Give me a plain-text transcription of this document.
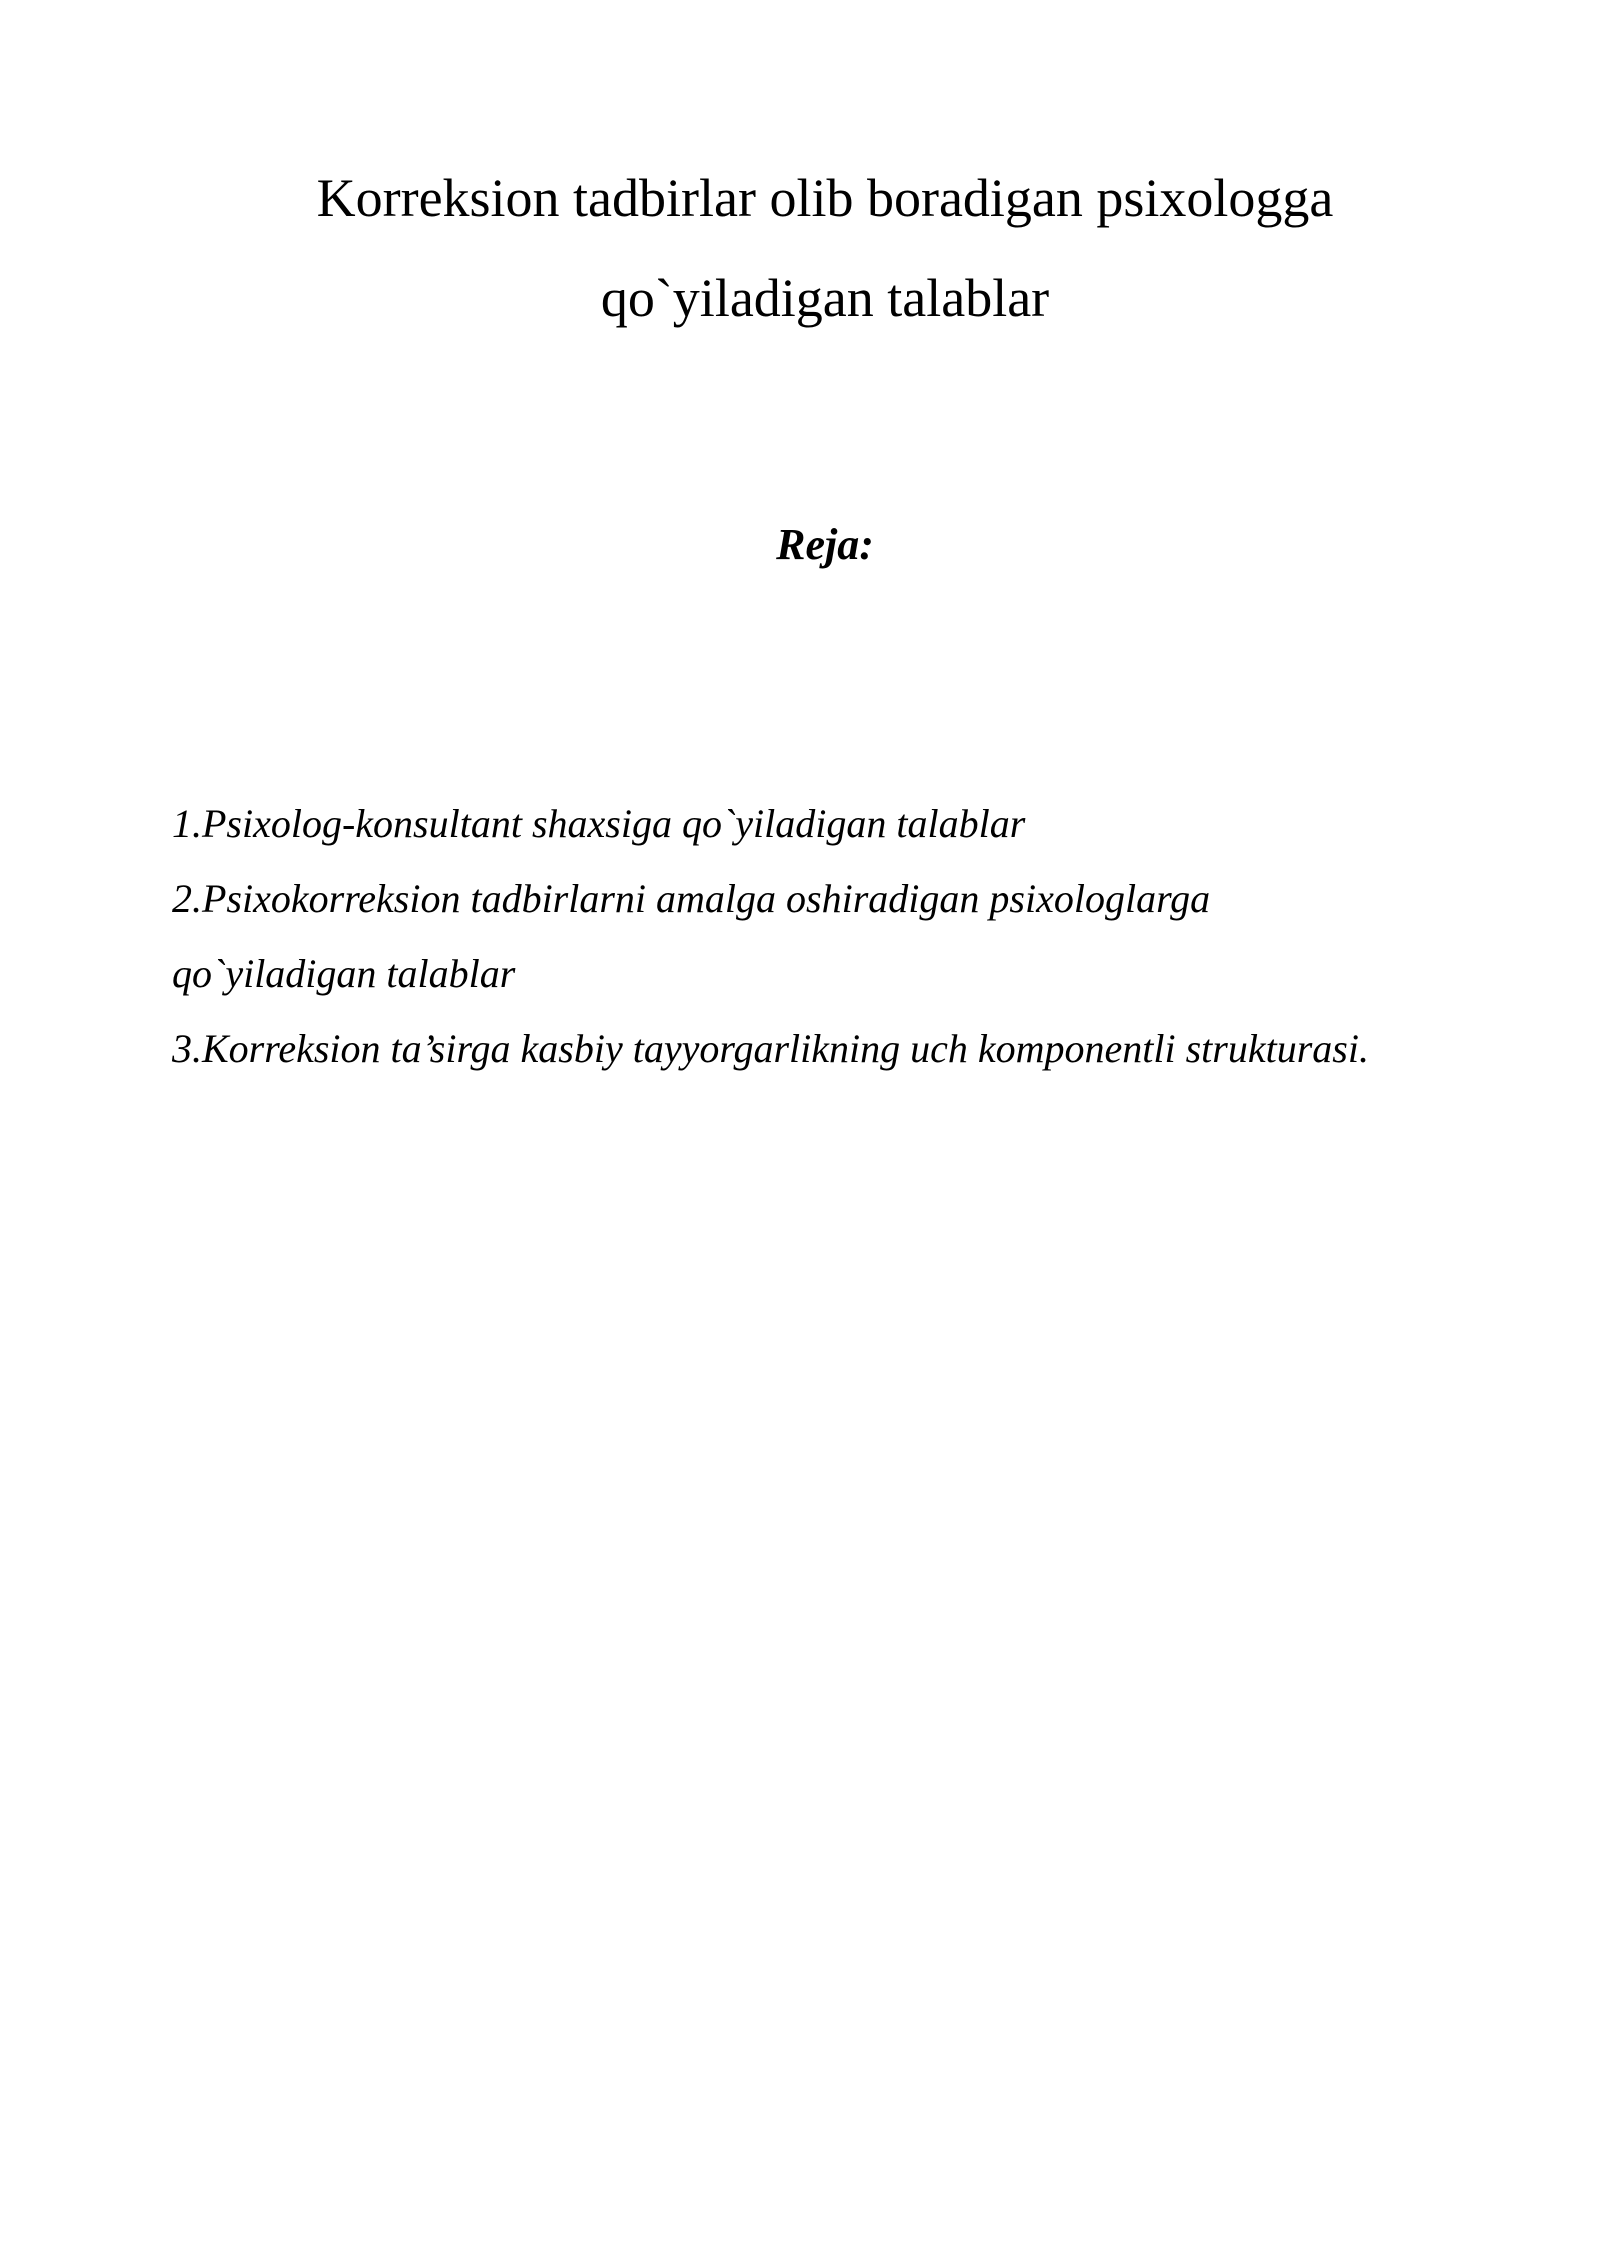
Korreksion tadbirlar olib boradigan psixologga
qo`yiladigan talablar
Reja:
1.Psixolog-konsultant shaxsiga qo`yiladigan talablar
2.Psixokorreksion tadbirlarni amalga oshiradigan psixologlarga
qo`yiladigan talablar
3.Korreksion ta’sirga kasbiy tayyorgarlikning uch komponentli strukturasi.
